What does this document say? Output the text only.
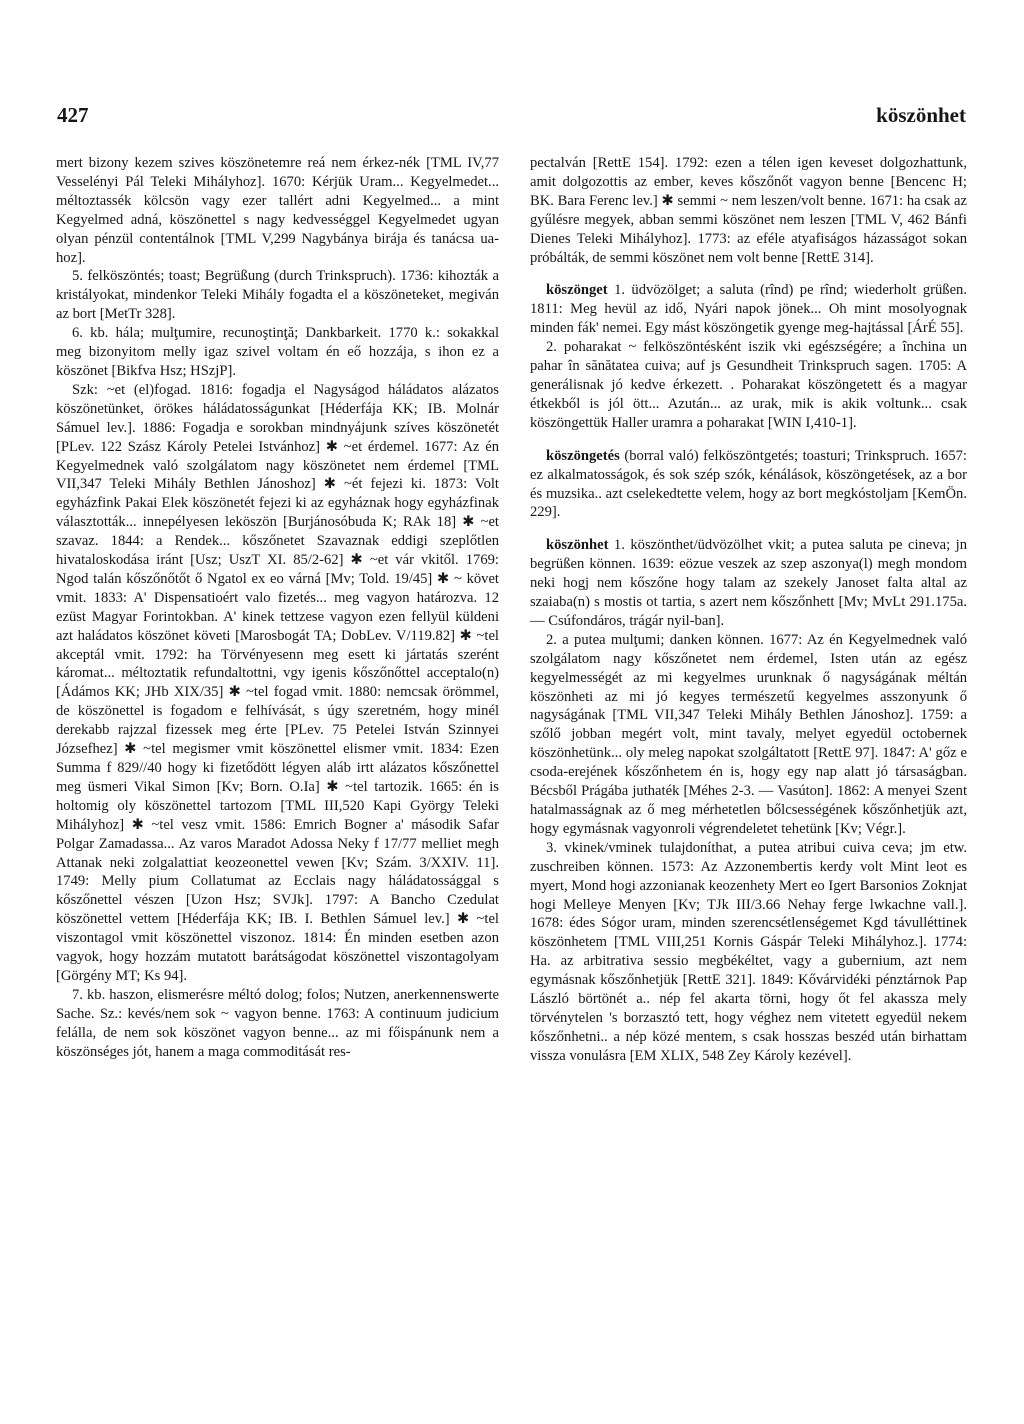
427	köszönhet

mert bizony kezem szives köszönetemre reá nem érkez-nék [TML IV,77 Vesselényi Pál Teleki Mihályhoz]. 1670: Kérjük Uram... Kegyelmedet... méltoztassék kölcsön vagy ezer tallért adni Kegyelmed... a mint Kegyelmed adná, köszönettel s nagy kedvességgel Kegyelmedet ugyan olyan pénzül contentálnok [TML V,299 Nagybánya birája és tanácsa ua-hoz].

5. felköszöntés; toast; Begrüßung (durch Trinkspruch). 1736: kihozták a kristályokat, mindenkor Teleki Mihály fogadta el a köszöneteket, megiván az bort [MetTr 328].

6. kb. hála; mulţumire, recunoştinţă; Dankbarkeit. 1770 k.: sokakkal meg bizonyitom melly igaz szivel voltam én eő hozzája, s ihon ez a köszönet [Bikfva Hsz; HSzjP].

Szk: ~et (el)fogad. 1816: fogadja el Nagyságod háládatos alázatos köszönetünket, örökes háládatosságunkat [Héderfája KK; IB. Molnár Sámuel lev.]. 1886: Fogadja e sorokban mindnyájunk szíves köszönetét [PLev. 122 Szász Károly Petelei Istvánhoz] ✱ ~et érdemel. 1677: Az én Kegyelmednek való szolgálatom nagy köszönetet nem érdemel [TML VII,347 Teleki Mihály Bethlen Jánoshoz] ✱ ~ét fejezi ki. 1873: Volt egyházfink Pakai Elek köszönetét fejezi ki az egyháznak hogy egyházfinak választották... innepélyesen leköszön [Burjánosóbuda K; RAk 18] ✱ ~et szavaz. 1844: a Rendek... kőszőnetet Szavaznak eddigi szeplőtlen hivataloskodása iránt [Usz; UszT XI. 85/2-62] ✱ ~et vár vkitől. 1769: Ngod talán kőszőnőtőt ő Ngatol ex eo várná [Mv; Told. 19/45] ✱ ~ követ vmit. 1833: A' Dispensatioért valo fizetés... meg vagyon határozva. 12 ezüst Magyar Forintokban. A' kinek tettzese vagyon ezen fellyül küldeni azt haládatos köszönet követi [Marosbogát TA; DobLev. V/119.82] ✱ ~tel akceptál vmit. 1792: ha Törvényesenn meg esett ki jártatás szerént káromat... méltoztatik refundaltottni, vgy igenis kőszőnőttel acceptalo(n) [Ádámos KK; JHb XIX/35] ✱ ~tel fogad vmit. 1880: nemcsak örömmel, de köszönettel is fogadom e felhívását, s úgy szeretném, hogy minél derekabb rajzzal fizessek meg érte [PLev. 75 Petelei István Szinnyei Józsefhez] ✱ ~tel megismer vmit köszönettel elismer vmit. 1834: Ezen Summa f 829//40 hogy ki fizetődött légyen aláb irtt alázatos kőszőnettel meg üsmeri Vikal Simon [Kv; Born. O.Ia] ✱ ~tel tartozik. 1665: én is holtomig oly köszönettel tartozom [TML III,520 Kapi György Teleki Mihályhoz] ✱ ~tel vesz vmit. 1586: Emrich Bogner a' második Safar Polgar Zamadassa... Az varos Maradot Adossa Neky f 17/77 melliet megh Attanak neki zolgalattiat keozeonettel vewen [Kv; Szám. 3/XXIV. 11]. 1749: Melly pium Collatumat az Ecclais nagy háládatossággal s kőszőnettel vészen [Uzon Hsz; SVJk]. 1797: A Bancho Czedulat köszönettel vettem [Héderfája KK; IB. I. Bethlen Sámuel lev.] ✱ ~tel viszontagol vmit köszönettel viszonoz. 1814: Én minden esetben azon vagyok, hogy hozzám mutatott barátságodat köszönettel viszontagolyam [Görgény MT; Ks 94].

7. kb. haszon, elismerésre méltó dolog; folos; Nutzen, anerkennenswerte Sache. Sz.: kevés/nem sok ~ vagyon benne. 1763: A continuum judicium felálla, de nem sok köszönet vagyon benne... az mi főispánunk nem a köszönséges jót, hanem a maga commoditását res-

pectalván [RettE 154]. 1792: ezen a télen igen keveset dolgozhattunk, amit dolgozottis az ember, keves kőszőnőt vagyon benne [Bencenc H; BK. Bara Ferenc lev.] ✱ semmi ~ nem leszen/volt benne. 1671: ha csak az gyűlésre megyek, abban semmi köszönet nem leszen [TML V, 462 Bánfi Dienes Teleki Mihályhoz]. 1773: az eféle atyafiságos házasságot sokan próbálták, de semmi köszönet nem volt benne [RettE 314].

köszönget 1. üdvözölget; a saluta (rînd) pe rînd; wiederholt grüßen. 1811: Meg hevül az idő, Nyári napok jönek... Oh mint mosolyognak minden fák' nemei. Egy mást köszöngetik gyenge meg-hajtással [ÁrÉ 55].

2. poharakat ~ felköszöntésként iszik vki egészségére; a închina un pahar în sănătatea cuiva; auf js Gesundheit Trinkspruch sagen. 1705: A generálisnak jó kedve érkezett. . Poharakat köszöngetett és a magyar étkekből is jól ött... Azután... az urak, mik is akik voltunk... csak köszöngettük Haller uramra a poharakat [WIN I,410-1].

köszöngetés (borral való) felköszöntgetés; toasturi; Trinkspruch. 1657: ez alkalmatosságok, és sok szép szók, kénálások, köszöngetések, az a bor és muzsika.. azt cselekedtette velem, hogy az bort megkóstoljam [KemÖn. 229].

köszönhet 1. köszönthet/üdvözölhet vkit; a putea saluta pe cineva; jn begrüßen können. 1639: eözue veszek az szep aszonya(l) megh mondom neki hogj nem kőszőne hogy talam az szekely Janoset falta altal az szaiaba(n) s mostis ot tartia, s azert nem kőszőnhett [Mv; MvLt 291.175a. — Csúfondáros, trágár nyil-ban].

2. a putea mulţumi; danken können. 1677: Az én Kegyelmednek való szolgálatom nagy kőszőnetet nem érdemel, Isten után az egész kegyelmességét az mi kegyelmes urunknak ő nagyságának méltán köszönheti az mi jó kegyes természetű kegyelmes asszonyunk ő nagyságának [TML VII,347 Teleki Mihály Bethlen Jánoshoz]. 1759: a szőlő jobban megért volt, mint tavaly, melyet egyedül octobernek köszönhetünk... oly meleg napokat szolgáltatott [RettE 97]. 1847: A' gőz e csoda-erejének kőszőnhetem én is, hogy egy nap alatt jó társaságban. Bécsből Prágába juthaték [Méhes 2-3. — Vasúton]. 1862: A menyei Szent hatalmasságnak az ő meg mérhetetlen bőlcsességének kőszőnhetjük azt, hogy egymásnak vagyonroli végrendeletet tehetünk [Kv; Végr.].

3. vkinek/vminek tulajdoníthat, a putea atribui cuiva ceva; jm etw. zuschreiben können. 1573: Az Azzonembertis kerdy volt Mint leot es myert, Mond hogi azzonianak keozenhety Mert eo Igert Barsonios Zoknjat hogi Melleye Menyen [Kv; TJk III/3.66 Nehay ferge lwkachne vall.]. 1678: édes Sógor uram, minden szerencsétlenségemet Kgd távulléttinek köszönhetem [TML VIII,251 Kornis Gáspár Teleki Mihályhoz.]. 1774: Ha. az arbitrativa sessio megbékéltet, vagy a gubernium, azt nem egymásnak kőszőnhetjük [RettE 321]. 1849: Kővárvidéki pénztárnok Pap László börtönét a.. nép fel akarta törni, hogy őt fel akassza mely törvénytelen 's borzasztó tett, hogy véghez nem vitetett egyedül nekem kőszőnhetni.. a nép közé mentem, s csak hosszas beszéd után birhattam vissza vonulásra [EM XLIX, 548 Zey Károly kezével].
